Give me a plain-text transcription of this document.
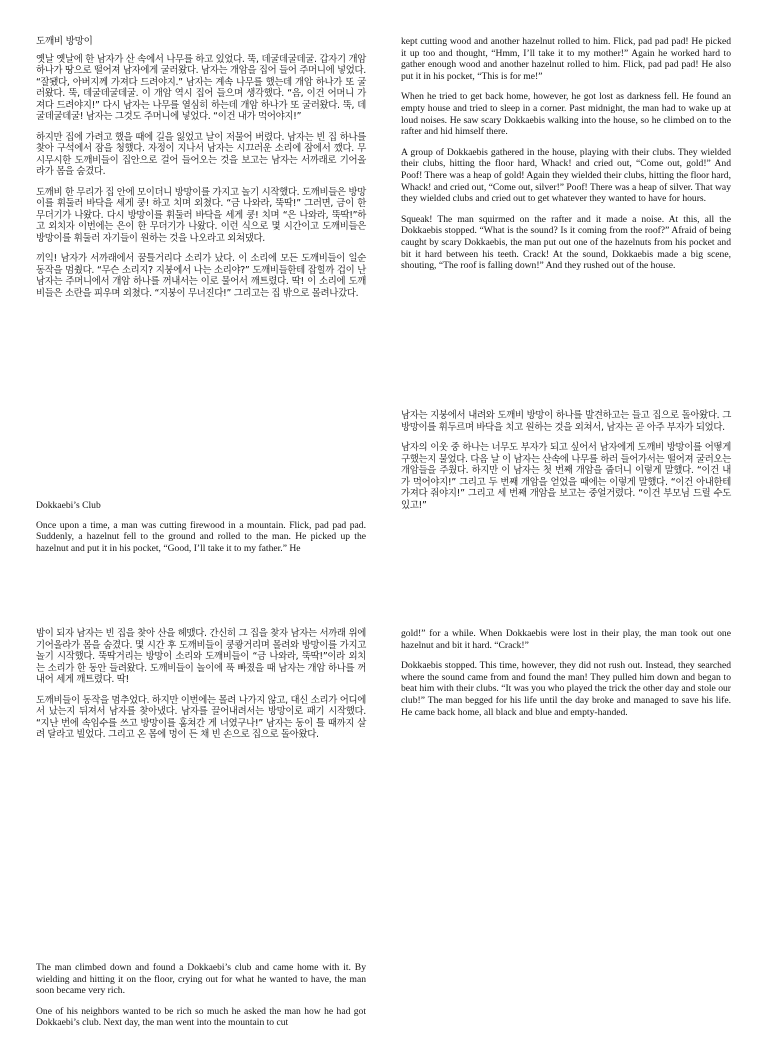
도깨비 방망이

옛날 옛날에 한 남자가 산 속에서 나무를 하고 있었다. 뚝, 데굴데굴데굴. 갑자기 개암 하나가 땅으로 떨어져 남자에게 굴러왔다. 남자는 개암을 집어 들어 주머니에 넣었다. “잘됐다, 아버지께 가져다 드려야지.” 남자는 계속 나무를 했는데 개암 하나가 또 굴러왔다. 뚝, 데굴데굴데굴. 이 개암 역시 집어 들으며 생각했다. “음, 이건 어머니 가져다 드려야지!” 다시 남자는 나무를 열심히 하는데 개암 하나가 또 굴러왔다. 뚝, 데굴데굴데굴! 남자는 그것도 주머니에 넣었다. “이건 내가 먹어야지!”

하지만 집에 가려고 했을 때에 길을 잃었고 날이 저물어 버렸다. 남자는 빈 집 하나를 찾아 구석에서 잠을 청했다. 자정이 지나서 남자는 시끄러운 소리에 잠에서 깼다. 무시무시한 도깨비들이 집안으로 걸어 들어오는 것을 보고는 남자는 서까래로 기어올라가 몸을 숨겼다.

도깨비 한 무리가 집 안에 모이더니 방망이를 가지고 놀기 시작했다. 도깨비들은 방망이를 휘둘러 바닥을 세게 쿵! 하고 치며 외쳤다. “금 나와라, 뚝딱!” 그러면, 금이 한 무더기가 나왔다. 다시 방망이를 휘둘러 바닥을 세게 쿵! 치며 “은 나와라, 뚝딱!”하고 외치자 이번에는 은이 한 무더기가 나왔다. 이런 식으로 몇 시간이고 도깨비들은 방망이를 휘둘러 자기들이 원하는 것을 나오라고 외쳐댔다.

끼익! 남자가 서까래에서 꿈틀거리다 소리가 났다. 이 소리에 모든 도깨비들이 일순 동작을 멈췄다. “무슨 소리지? 지붕에서 나는 소리야?” 도깨비들한테 잡힐까 겁이 난 남자는 주머니에서 개암 하나를 꺼내서는 이로 물어서 깨트렸다. 딱! 이 소리에 도깨비들은 소란을 피우며 외쳤다. “지붕이 무너진다!” 그리고는 집 밖으로 몰려나갔다.

kept cutting wood and another hazelnut rolled to him. Flick, pad pad pad! He picked it up too and thought, “Hmm, I’ll take it to my mother!” Again he worked hard to gather enough wood and another hazelnut rolled to him. Flick, pad pad pad! He also put it in his pocket, “This is for me!”

When he tried to get back home, however, he got lost as darkness fell. He found an empty house and tried to sleep in a corner. Past midnight, the man had to wake up at loud noises. He saw scary Dokkaebis walking into the house, so he climbed on to the rafter and hid himself there.

A group of Dokkaebis gathered in the house, playing with their clubs. They wielded their clubs, hitting the floor hard, Whack! and cried out, “Come out, gold!” And Poof! There was a heap of gold! Again they wielded their clubs, hitting the floor hard, Whack! and cried out, “Come out, silver!” Poof! There was a heap of silver. That way they wielded clubs and cried out to get whatever they wanted to have for hours.

Squeak! The man squirmed on the rafter and it made a noise. At this, all the Dokkaebis stopped. “What is the sound? Is it coming from the roof?” Afraid of being caught by scary Dokkaebis, the man put out one of the hazelnuts from his pocket and bit it hard between his teeth. Crack! At the sound, Dokkaebis made a big scene, shouting, “The roof is falling down!” And they rushed out of the house.

남자는 지붕에서 내려와 도깨비 방망이 하나를 발견하고는 들고 집으로 돌아왔다. 그 방망이를 휘두르며 바닥을 치고 원하는 것을 외쳐서, 남자는 곧 아주 부자가 되었다.

남자의 이웃 중 하나는 너무도 부자가 되고 싶어서 남자에게 도깨비 방망이를 어떻게 구했는지 물었다. 다음 날 이 남자는 산속에 나무를 하러 들어가서는 떨어져 굴러오는 개암들을 주웠다. 하지만 이 남자는 첫 번째 개암을 줍더니 이렇게 말했다. “이건 내가 먹어야지!” 그리고 두 번째 개암을 얻었을 때에는 이렇게 말했다. “이건 아내한테 가져다 줘야지!” 그리고 세 번째 개암을 보고는 중얼거렸다. “이건 부모님 드릴 수도 있고!”

Dokkaebi’s Club

Once upon a time, a man was cutting firewood in a mountain. Flick, pad pad pad. Suddenly, a hazelnut fell to the ground and rolled to the man. He picked up the hazelnut and put it in his pocket, “Good, I’ll take it to my father.” He

밤이 되자 남자는 빈 집을 찾아 산을 헤맸다. 간신히 그 집을 찾자 남자는 서까래 위에 기어올라가 몸을 숨겼다. 몇 시간 후 도깨비들이 쿵쾅거리며 몰려와 방망이를 가지고 놀기 시작했다. 뚝딱거리는 방망이 소리와 도깨비들이 “금 나와라, 뚝딱!”이라 외치는 소리가 한 동안 들려왔다. 도깨비들이 놀이에 푹 빠졌을 때 남자는 개암 하나를 꺼내어 세게 깨트렸다. 딱!

도깨비들이 동작을 멈추었다. 하지만 이번에는 몰려 나가지 않고, 대신 소리가 어디에서 났는지 뒤져서 남자를 찾아냈다. 남자를 끌어내려서는 방망이로 패기 시작했다. “지난 번에 속임수를 쓰고 방망이를 훔쳐간 게 너였구나!” 남자는 동이 틀 때까지 살려 달라고 빌었다. 그리고 온 몸에 멍이 든 채 빈 손으로 집으로 돌아왔다.

gold!” for a while. When Dokkaebis were lost in their play, the man took out one hazelnut and bit it hard. “Crack!”

Dokkaebis stopped. This time, however, they did not rush out. Instead, they searched where the sound came from and found the man! They pulled him down and began to beat him with their clubs. “It was you who played the trick the other day and stole our club!” The man begged for his life until the day broke and managed to save his life. He came back home, all black and blue and empty-handed.

The man climbed down and found a Dokkaebi’s club and came home with it. By wielding and hitting it on the floor, crying out for what he wanted to have, the man soon became very rich.

One of his neighbors wanted to be rich so much he asked the man how he had got Dokkaebi’s club. Next day, the man went into the mountain to cut
